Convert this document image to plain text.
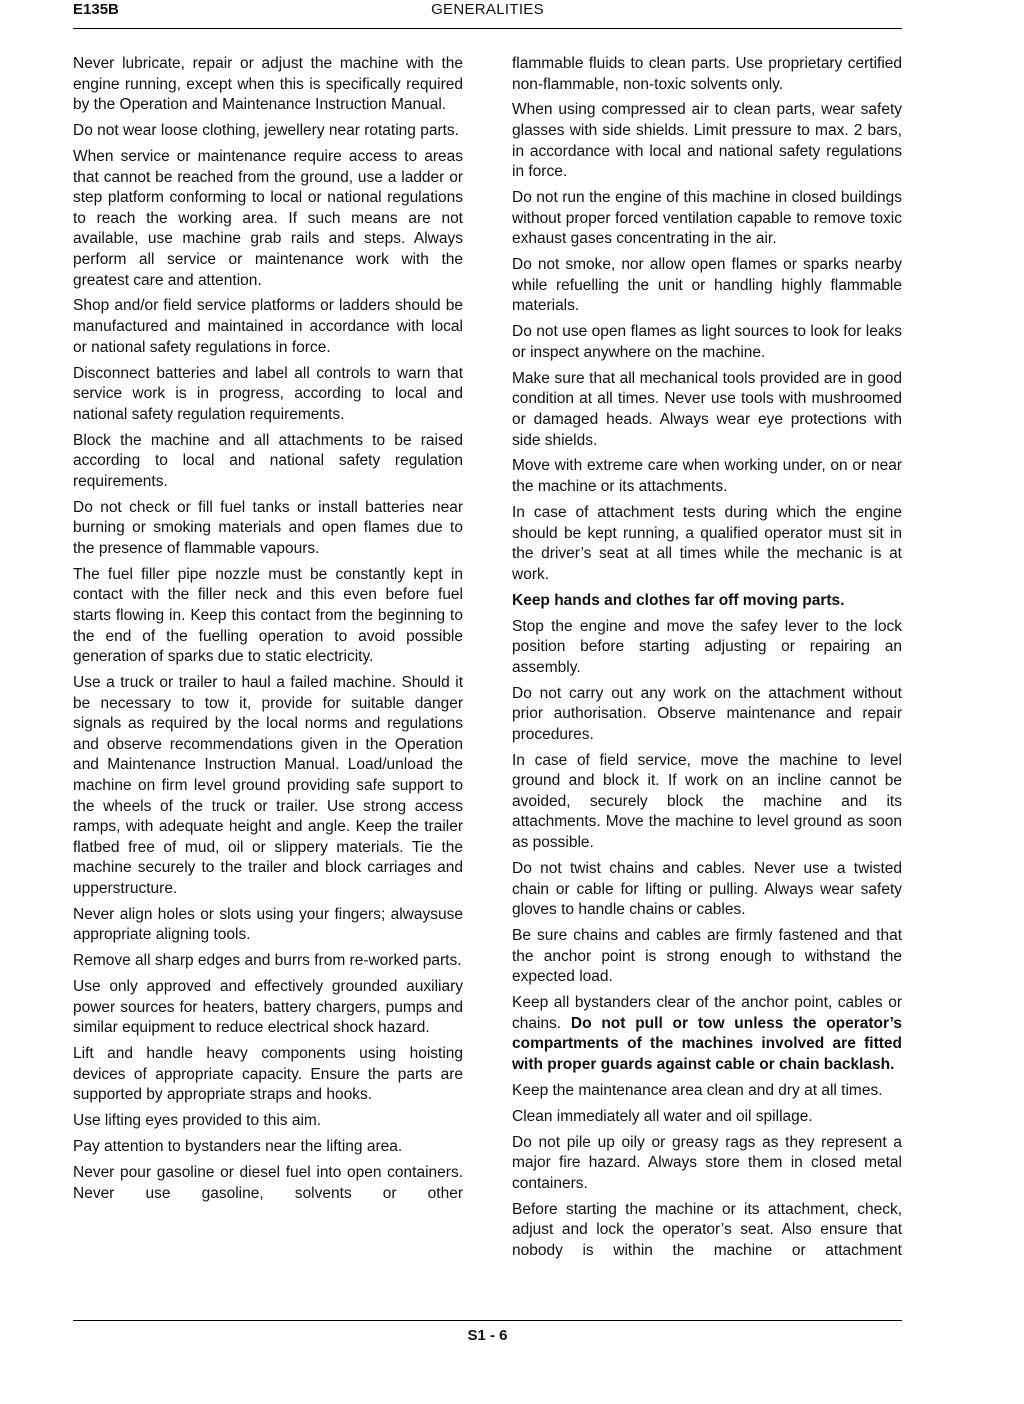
E135B	GENERALITIES

Never lubricate, repair or adjust the machine with the engine running, except when this is specifically required by the Operation and Maintenance Instruction Manual.

Do not wear loose clothing, jewellery near rotating parts.

When service or maintenance require access to areas that cannot be reached from the ground, use a ladder or step platform conforming to local or national regulations to reach the working area. If such means are not available, use machine grab rails and steps. Always perform all service or maintenance work with the greatest care and attention.

Shop and/or field service platforms or ladders should be manufactured and maintained in accordance with local or national safety regulations in force.

Disconnect batteries and label all controls to warn that service work is in progress, according to local and national safety regulation requirements.

Block the machine and all attachments to be raised according to local and national safety regulation requirements.

Do not check or fill fuel tanks or install batteries near burning or smoking materials and open flames due to the presence of flammable vapours.

The fuel filler pipe nozzle must be constantly kept in contact with the filler neck and this even before fuel starts flowing in. Keep this contact from the beginning to the end of the fuelling operation to avoid possible generation of sparks due to static electricity.

Use a truck or trailer to haul a failed machine. Should it be necessary to tow it, provide for suitable danger signals as required by the local norms and regulations and observe recommendations given in the Operation and Maintenance Instruction Manual. Load/unload the machine on firm level ground providing safe support to the wheels of the truck or trailer. Use strong access ramps, with adequate height and angle. Keep the trailer flatbed free of mud, oil or slippery materials. Tie the machine securely to the trailer and block carriages and upperstructure.

Never align holes or slots using your fingers; alwaysuse appropriate aligning tools.

Remove all sharp edges and burrs from re-worked parts.

Use only approved and effectively grounded auxiliary power sources for heaters, battery chargers, pumps and similar equipment to reduce electrical shock hazard.

Lift and handle heavy components using hoisting devices of appropriate capacity. Ensure the parts are supported by appropriate straps and hooks.

Use lifting eyes provided to this aim.

Pay attention to bystanders near the lifting area.

Never pour gasoline or diesel fuel into open containers. Never use gasoline, solvents or other

flammable fluids to clean parts. Use proprietary certified non-flammable, non-toxic solvents only.

When using compressed air to clean parts, wear safety glasses with side shields. Limit pressure to max. 2 bars, in accordance with local and national safety regulations in force.

Do not run the engine of this machine in closed buildings without proper forced ventilation capable to remove toxic exhaust gases concentrating in the air.

Do not smoke, nor allow open flames or sparks nearby while refuelling the unit or handling highly flammable materials.

Do not use open flames as light sources to look for leaks or inspect anywhere on the machine.

Make sure that all mechanical tools provided are in good condition at all times. Never use tools with mushroomed or damaged heads. Always wear eye protections with side shields.

Move with extreme care when working under, on or near the machine or its attachments.

In case of attachment tests during which the engine should be kept running, a qualified operator must sit in the driver’s seat at all times while the mechanic is at work.

Keep hands and clothes far off moving parts.

Stop the engine and move the safey lever to the lock position before starting adjusting or repairing an assembly.

Do not carry out any work on the attachment without prior authorisation. Observe maintenance and repair procedures.

In case of field service, move the machine to level ground and block it. If work on an incline cannot be avoided, securely block the machine and its attachments. Move the machine to level ground as soon as possible.

Do not twist chains and cables. Never use a twisted chain or cable for lifting or pulling. Always wear safety gloves to handle chains or cables.

Be sure chains and cables are firmly fastened and that the anchor point is strong enough to withstand the expected load.

Keep all bystanders clear of the anchor point, cables or chains. Do not pull or tow unless the operator’s compartments of the machines involved are fitted with proper guards against cable or chain backlash.

Keep the maintenance area clean and dry at all times.

Clean immediately all water and oil spillage.

Do not pile up oily or greasy rags as they represent a major fire hazard. Always store them in closed metal containers.

Before starting the machine or its attachment, check, adjust and lock the operator’s seat. Also ensure that nobody is within the machine or attachment

S1 - 6
